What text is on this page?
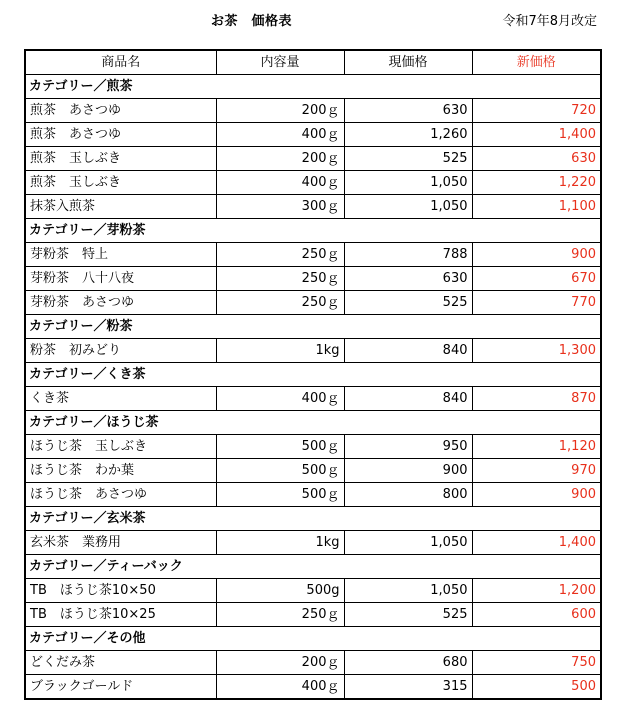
お茶　価格表	令和7年8月改定
商品名	内容量	現価格	新価格
カテゴリー／煎茶			
煎茶　あさつゆ	200ｇ	630	720
煎茶　あさつゆ	400ｇ	1,260	1,400
煎茶　玉しぶき	200ｇ	525	630
煎茶　玉しぶき	400ｇ	1,050	1,220
抹茶入煎茶	300ｇ	1,050	1,100
カテゴリー／芽粉茶			
芽粉茶　特上	250ｇ	788	900
芽粉茶　八十八夜	250ｇ	630	670
芽粉茶　あさつゆ	250ｇ	525	770
カテゴリー／粉茶			
粉茶　初みどり	1kg	840	1,300
カテゴリー／くき茶			
くき茶	400ｇ	840	870
カテゴリー／ほうじ茶			
ほうじ茶　玉しぶき	500ｇ	950	1,120
ほうじ茶　わか葉	500ｇ	900	970
ほうじ茶　あさつゆ	500ｇ	800	900
カテゴリー／玄米茶			
玄米茶　業務用	1kg	1,050	1,400
カテゴリー／ティーバック			
TB　ほうじ茶10×50	500g	1,050	1,200
TB　ほうじ茶10×25	250ｇ	525	600
カテゴリー／その他			
どくだみ茶	200ｇ	680	750
ブラックゴールド	400ｇ	315	500
